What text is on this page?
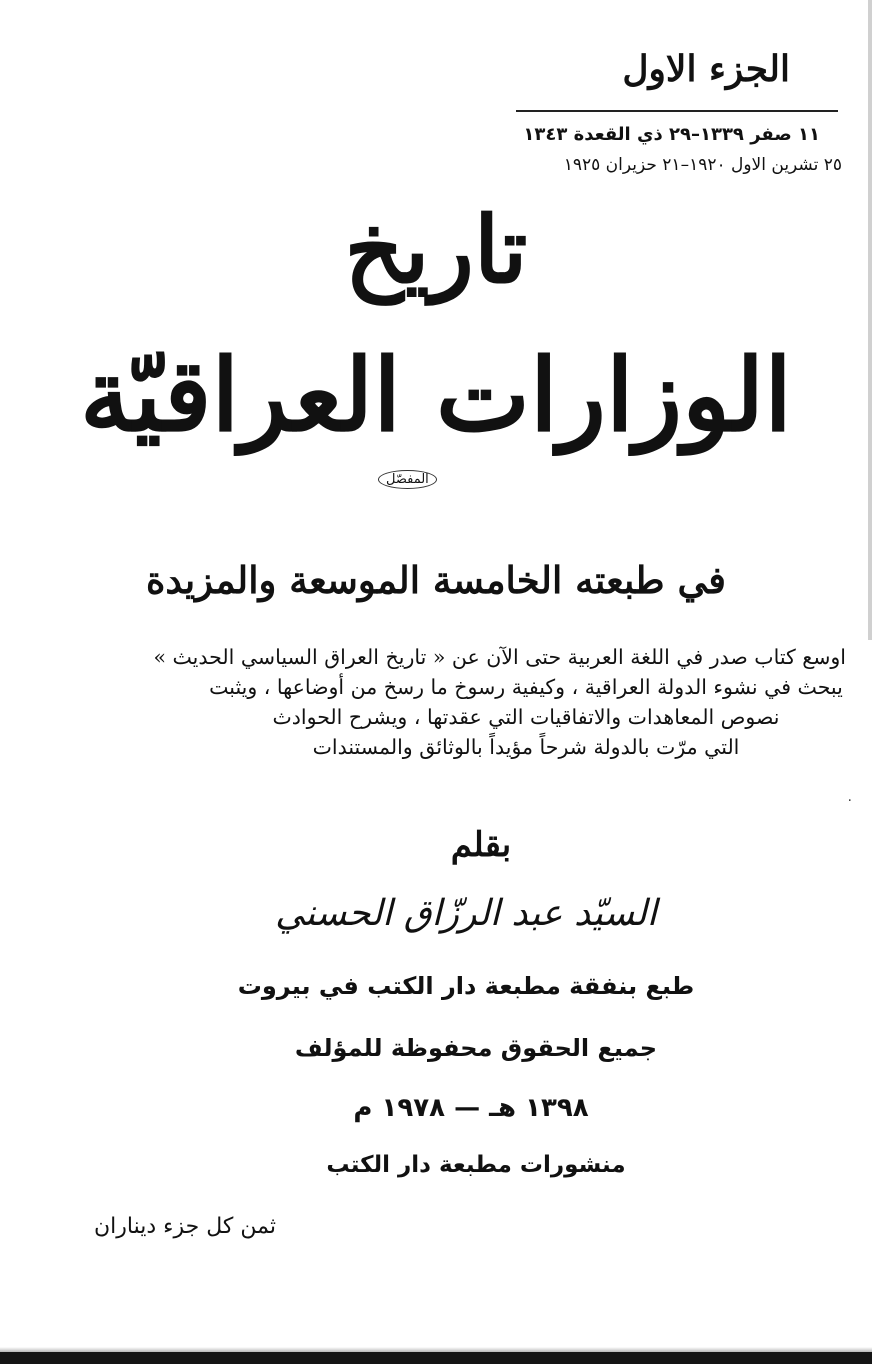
الجزء الاول
١١ صفر ١٣٣٩–٢٩ ذي القعدة ١٣٤٣
٢٥ تشرين الاول ١٩٢٠–٢١ حزيران ١٩٢٥
تاريخ
الوزارات العراقيّة
المفصّل
في طبعته الخامسة الموسعة والمزيدة
اوسع كتاب صدر في اللغة العربية حتى الآن عن « تاريخ العراق السياسي الحديث »
يبحث في نشوء الدولة العراقية ، وكيفية رسوخ ما رسخ من أوضاعها ، ويثبت
نصوص المعاهدات والاتفاقيات التي عقدتها ، ويشرح الحوادث
التي مرّت بالدولة شرحاً مؤيداً بالوثائق والمستندات
٠
بقلم
السيّد عبد الرزّاق الحسني
طبع بنفقة مطبعة دار الكتب في بيروت
جميع الحقوق محفوظة للمؤلف
١٣٩٨ هـ — ١٩٧٨ م
منشورات مطبعة دار الكتب
ثمن كل جزء ديناران
